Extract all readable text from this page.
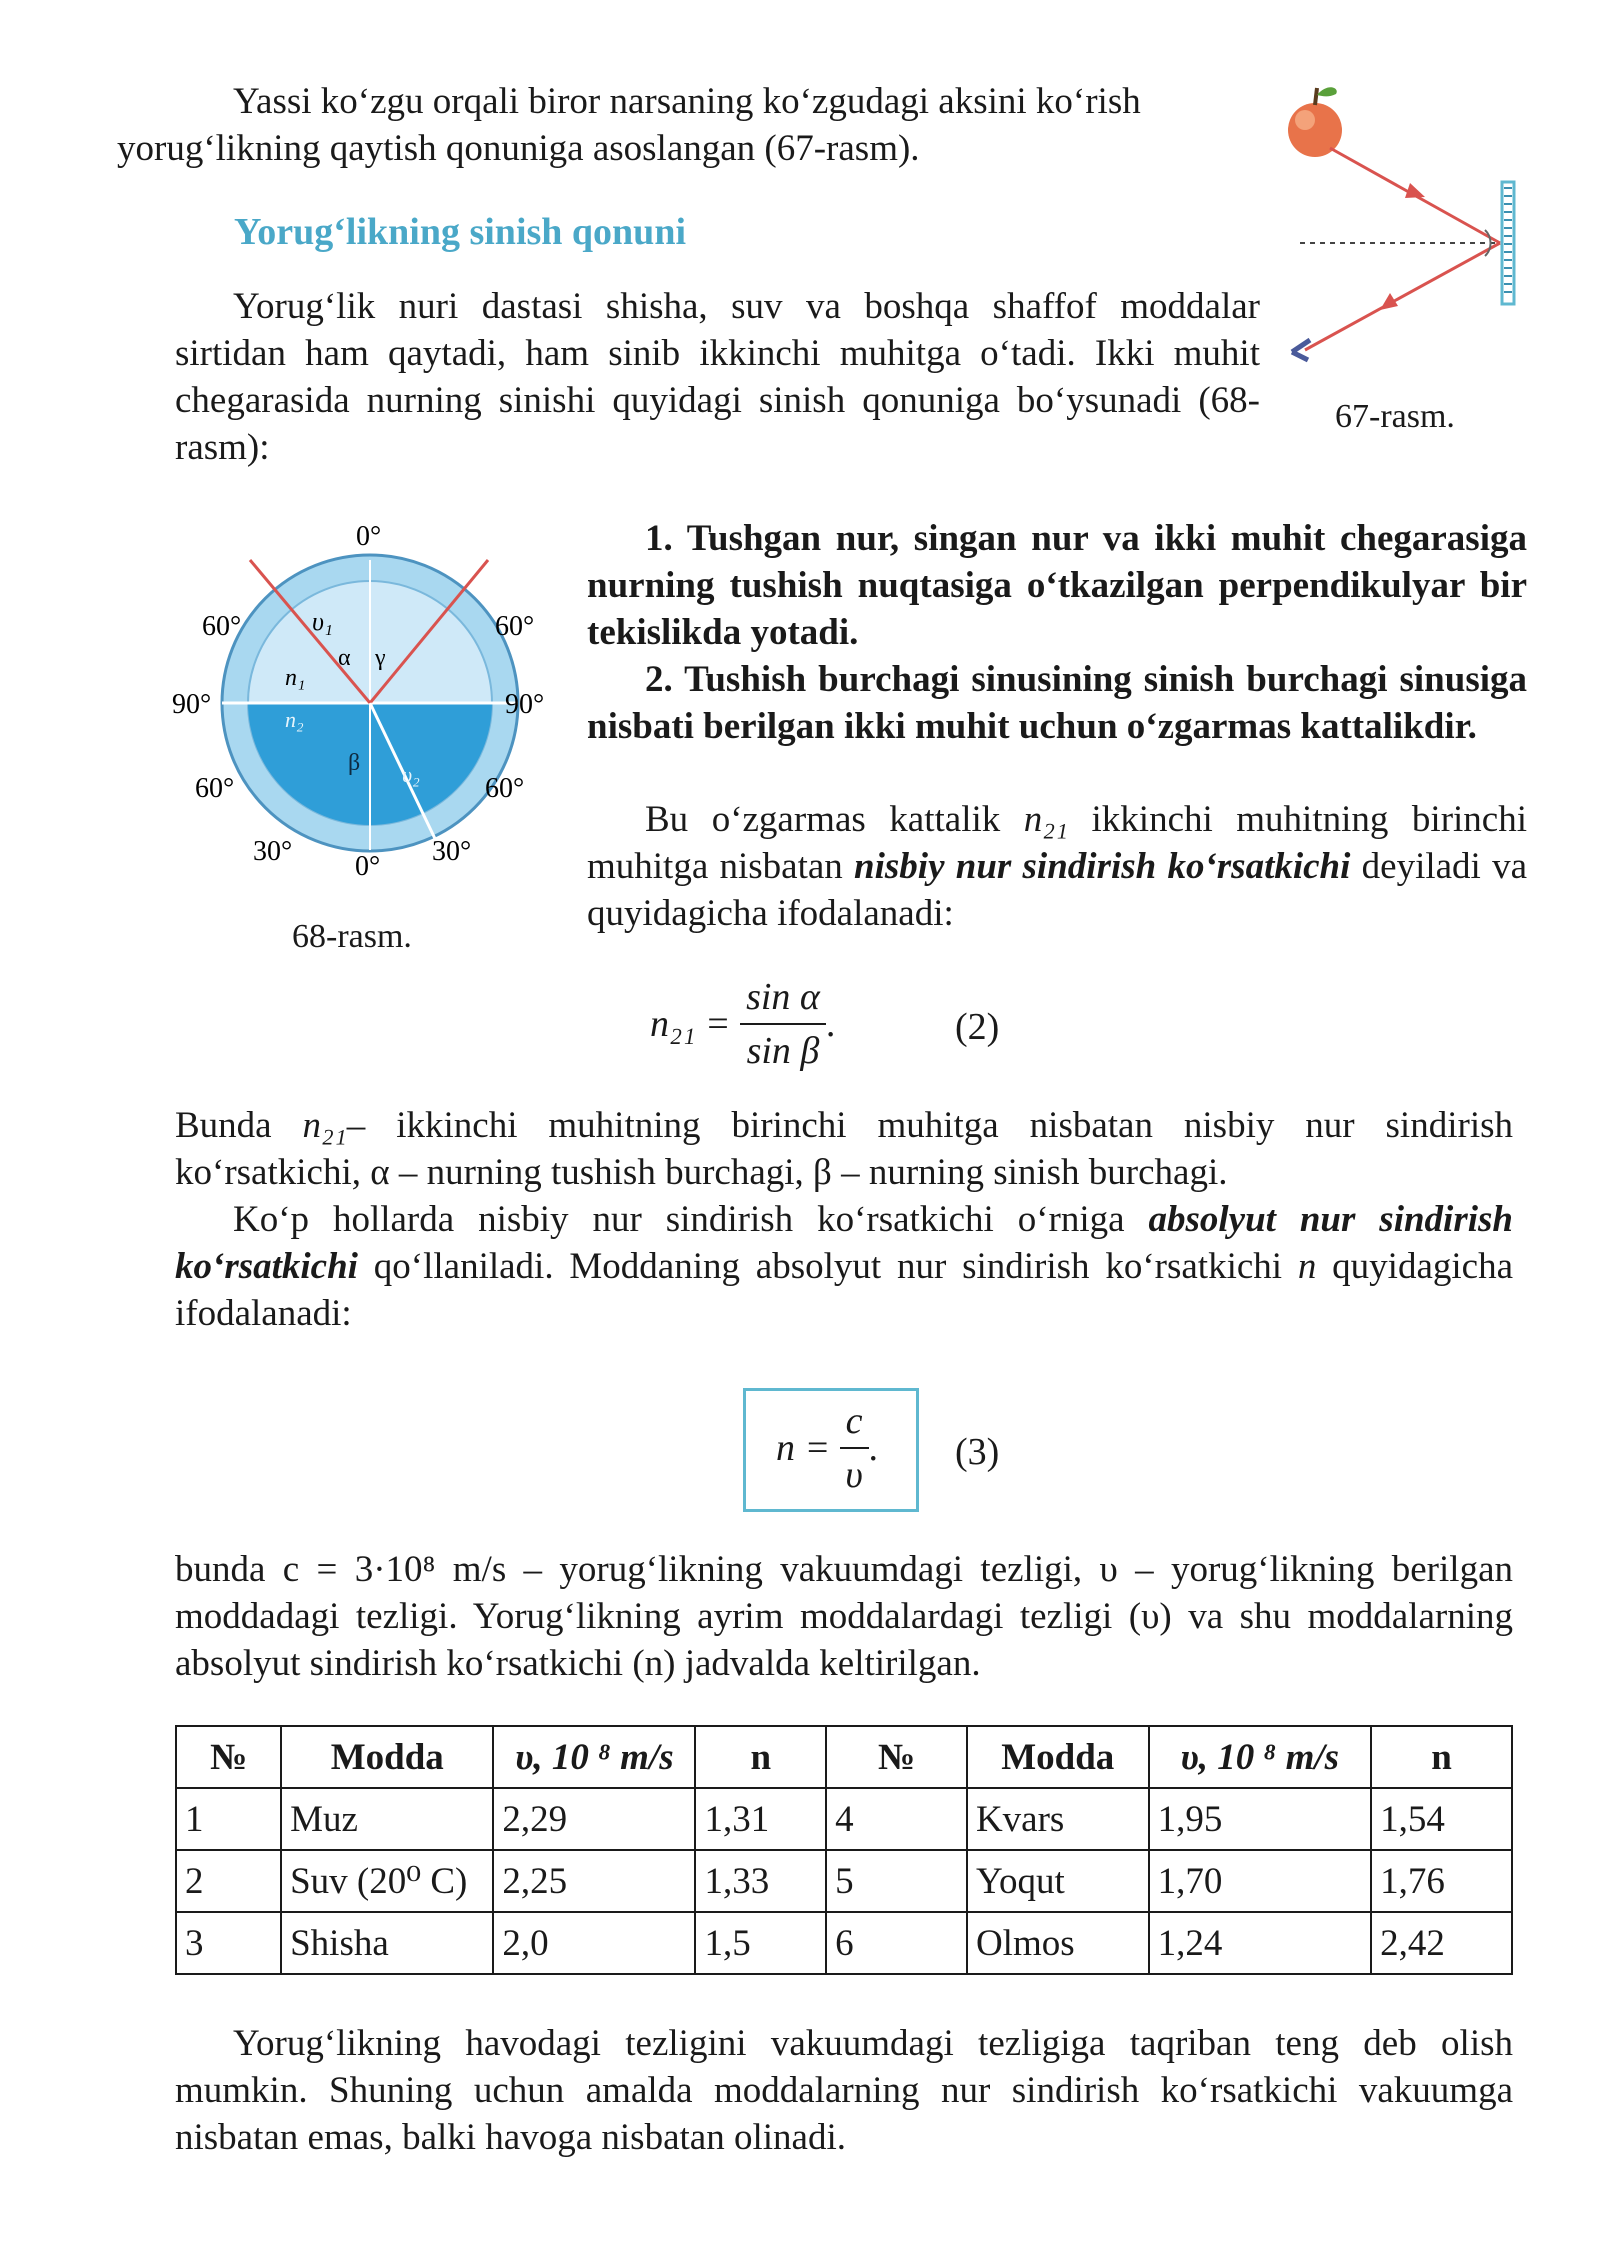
Yassi ko‘zgu orqali biror narsaning ko‘zgudagi aksini ko‘rish
yorug‘likning qaytish qonuniga asoslangan (67-rasm).

67-rasm.
Yorug‘likning sinish qonuni

Yorug‘lik nuri dastasi shisha, suv va boshqa shaffof moddalar sirtidan ham qaytadi, ham sinib ikkinchi muhitga o‘tadi. Ikki muhit chegarasida nurning sinishi quyidagi sinish qonuniga bo‘ysunadi (68-rasm):

0°
60°	60°
90°	90°
60°	60°
30°	30°
0°
υ₁
α γ
n₁
n₂
β υ₂
68-rasm.

1. Tushgan nur, singan nur va ikki muhit chegarasiga nurning tushish nuqtasiga o‘tkazilgan perpendikulyar bir tekislikda yotadi.

2. Tushish burchagi sinusining sinish burchagi sinusiga nisbati berilgan ikki muhit uchun o‘zgarmas kattalikdir.

Bu o‘zgarmas kattalik n₂₁ ikkinchi muhitning birinchi muhitga nisbatan nisbiy nur sindirish ko‘rsatkichi deyiladi va quyidagicha ifodalanadi:

$n_{21} = \frac{\text{sin α}}{\text{sin β}}$ .	(2)

Bunda n₂₁– ikkinchi muhitning birinchi muhitga nisbatan nisbiy nur sindirish ko‘rsatkichi, α – nurning tushish burchagi, β – nurning sinish burchagi.

Ko‘p hollarda nisbiy nur sindirish ko‘rsatkichi o‘rniga absolyut nur sindirish ko‘rsatkichi qo‘llaniladi. Moddaning absolyut nur sindirish ko‘rsatkichi n quyidagicha ifodalanadi:

$n = \frac{c}{\upsilon}$ . (3)

bunda c = 3·10⁸ m/s – yorug‘likning vakuumdagi tezligi, υ – yorug‘likning berilgan moddadagi tezligi. Yorug‘likning ayrim moddalardagi tezligi (υ) va shu moddalarning absolyut sindirish ko‘rsatkichi (n) jadvalda keltirilgan.

№	Modda	υ, 10 ⁸ m/s	n	№	Modda	υ, 10 ⁸ m/s	n
1	Muz	2,29	1,31	4	Kvars	1,95	1,54
2	Suv (20⁰ C)	2,25	1,33	5	Yoqut	1,70	1,76
3	Shisha	2,0	1,5	6	Olmos	1,24	2,42

Yorug‘likning havodagi tezligini vakuumdagi tezligiga taqriban teng deb olish mumkin. Shuning uchun amalda moddalarning nur sindirish ko‘rsatkichi vakuumga nisbatan emas, balki havoga nisbatan olinadi.
